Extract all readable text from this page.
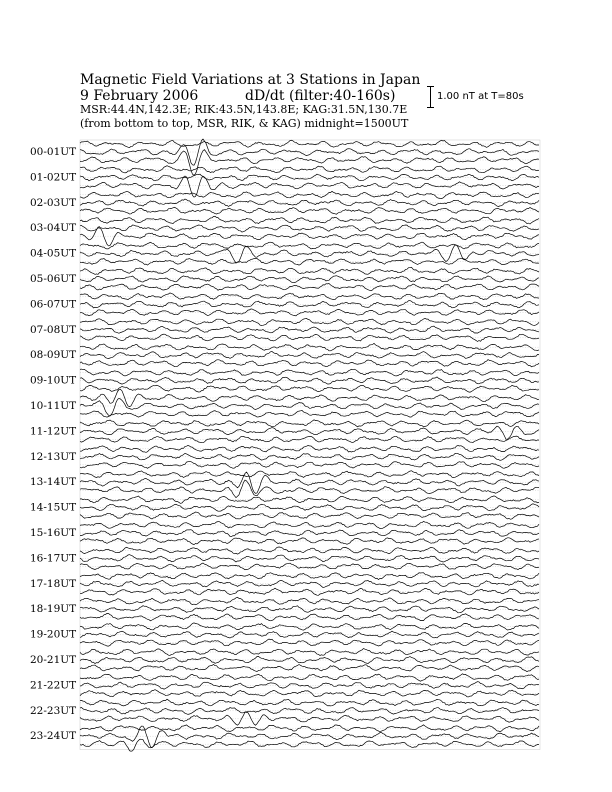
Magnetic Field Variations at 3 Stations in Japan
9 February 2006	dD/dt (filter:40-160s)
MSR:44.4N,142.3E; RIK:43.5N,143.8E; KAG:31.5N,130.7E
(from bottom to top, MSR, RIK, & KAG) midnight=1500UT
1.00 nT at T=80s
00-01UT
01-02UT
02-03UT
03-04UT
04-05UT
05-06UT
06-07UT
07-08UT
08-09UT
09-10UT
10-11UT
11-12UT
12-13UT
13-14UT
14-15UT
15-16UT
16-17UT
17-18UT
18-19UT
19-20UT
20-21UT
21-22UT
22-23UT
23-24UT
